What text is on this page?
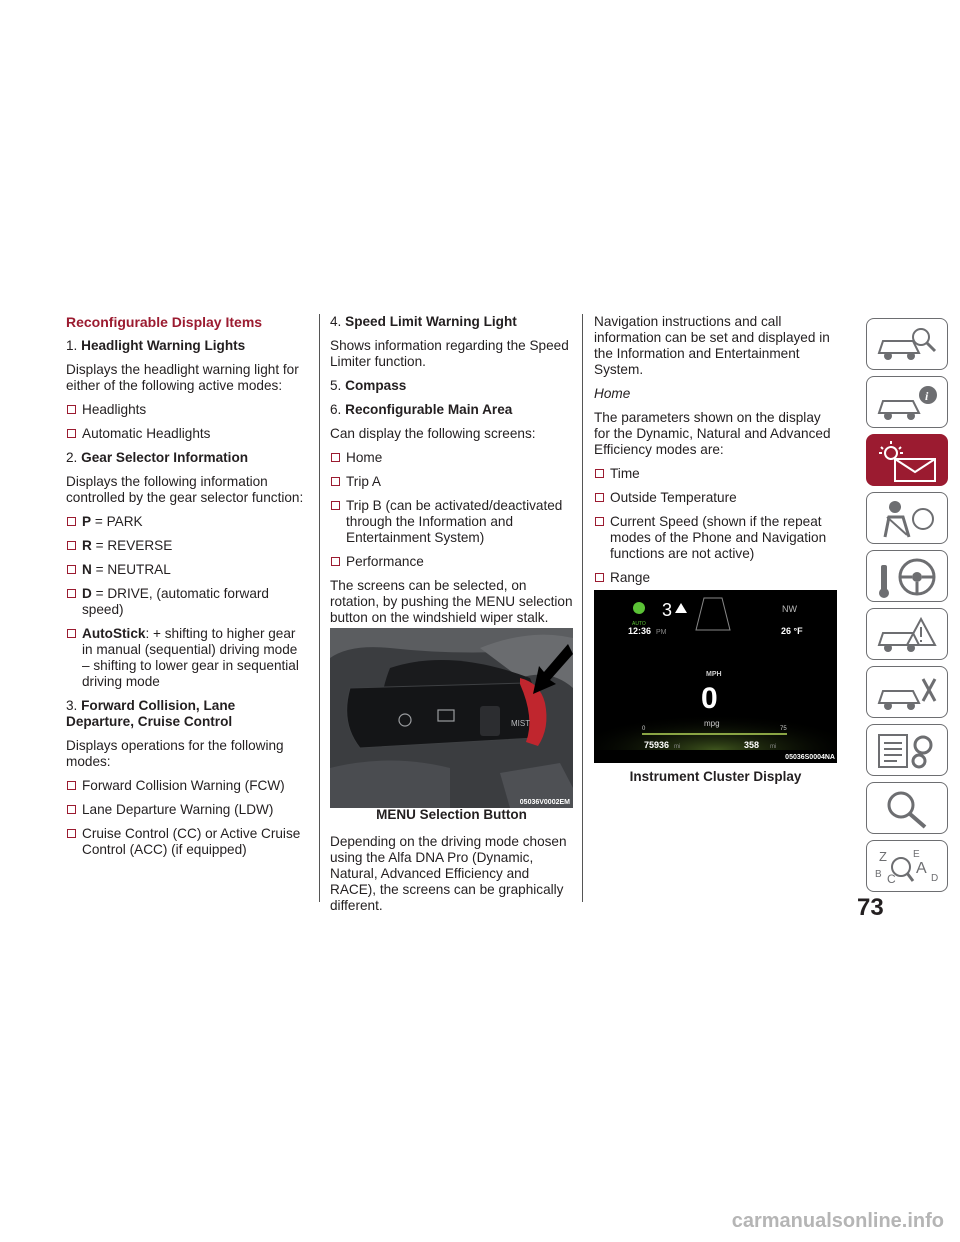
Reconfigurable Display Items

1. Headlight Warning Lights

Displays the headlight warning light for either of the following active modes:

Headlights

Automatic Headlights

2. Gear Selector Information

Displays the following information controlled by the gear selector function:

P = PARK

R = REVERSE

N = NEUTRAL

D = DRIVE, (automatic forward speed)

AutoStick: + shifting to higher gear in manual (sequential) driving mode – shifting to lower gear in sequential driving mode

3. Forward Collision, Lane Departure, Cruise Control

Displays operations for the following modes:

Forward Collision Warning (FCW)

Lane Departure Warning (LDW)

Cruise Control (CC) or Active Cruise Control (ACC) (if equipped)

4. Speed Limit Warning Light

Shows information regarding the Speed Limiter function.

5. Compass
6. Reconfigurable Main Area

Can display the following screens:

Home

Trip A

Trip B (can be activated/deactivated through the Information and Entertainment System)

Performance

The screens can be selected, on rotation, by pushing the MENU selection button on the windshield wiper stalk.

MIST
05036V0002EM
MENU Selection Button

Depending on the driving mode chosen using the Alfa DNA Pro (Dynamic, Natural, Advanced Efficiency and RACE), the screens can be graphically different.

Navigation instructions and call information can be set and displayed in the Information and Entertainment System.

Home

The parameters shown on the display for the Dynamic, Natural and Advanced Efficiency modes are:

Time

Outside Temperature

Current Speed (shown if the repeat modes of the Phone and Navigation functions are not active)

Range

AUTO
3	NW
12:36 PM	26 °F
MPH
0
mpg
0	75
75936 mi	358 mi
05036S0004NA
Instrument Cluster Display
i
Z	E
A
B C	D
73
carmanualsonline.info
